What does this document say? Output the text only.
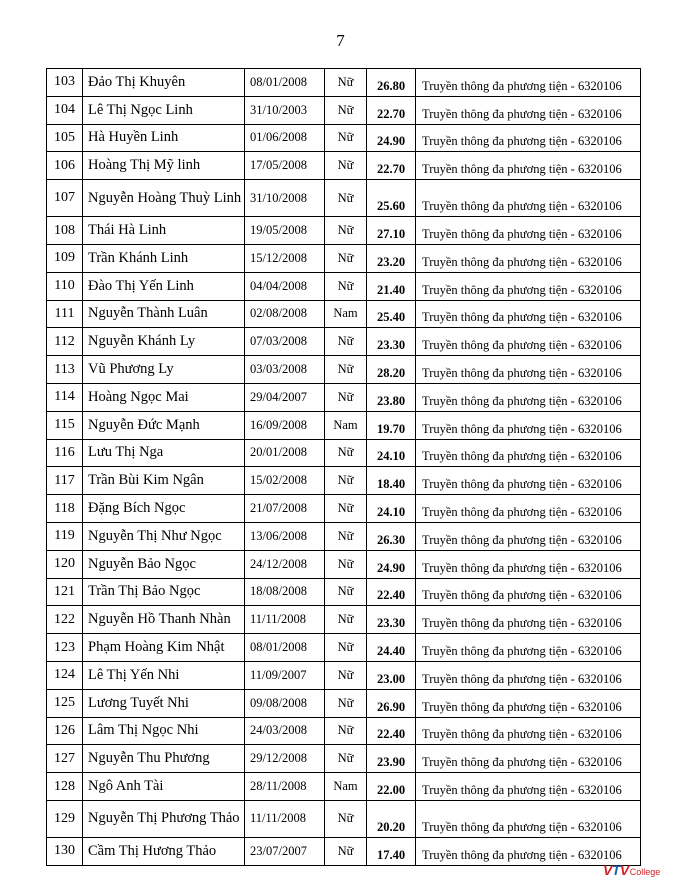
7
103	Đảo Thị Khuyên	08/01/2008	Nữ	26.80	Truyền thông đa phương tiện - 6320106	
104	Lê Thị Ngọc Linh	31/10/2003	Nữ	22.70	Truyền thông đa phương tiện - 6320106	
105	Hà Huyền Linh	01/06/2008	Nữ	24.90	Truyền thông đa phương tiện - 6320106	
106	Hoàng Thị Mỹ linh	17/05/2008	Nữ	22.70	Truyền thông đa phương tiện - 6320106	
107	Nguyễn Hoàng Thuỳ Linh	31/10/2008	Nữ	25.60	Truyền thông đa phương tiện - 6320106	
108	Thái Hà Linh	19/05/2008	Nữ	27.10	Truyền thông đa phương tiện - 6320106	
109	Trần Khánh Linh	15/12/2008	Nữ	23.20	Truyền thông đa phương tiện - 6320106	
110	Đào Thị Yến Linh	04/04/2008	Nữ	21.40	Truyền thông đa phương tiện - 6320106	
111	Nguyễn Thành Luân	02/08/2008	Nam	25.40	Truyền thông đa phương tiện - 6320106	
112	Nguyễn Khánh Ly	07/03/2008	Nữ	23.30	Truyền thông đa phương tiện - 6320106	
113	Vũ Phương Ly	03/03/2008	Nữ	28.20	Truyền thông đa phương tiện - 6320106	
114	Hoàng Ngọc Mai	29/04/2007	Nữ	23.80	Truyền thông đa phương tiện - 6320106	
115	Nguyễn Đức Mạnh	16/09/2008	Nam	19.70	Truyền thông đa phương tiện - 6320106	
116	Lưu Thị Nga	20/01/2008	Nữ	24.10	Truyền thông đa phương tiện - 6320106	
117	Trần Bùi Kim Ngân	15/02/2008	Nữ	18.40	Truyền thông đa phương tiện - 6320106	
118	Đặng Bích Ngọc	21/07/2008	Nữ	24.10	Truyền thông đa phương tiện - 6320106	
119	Nguyễn Thị Như Ngọc	13/06/2008	Nữ	26.30	Truyền thông đa phương tiện - 6320106	
120	Nguyễn Bảo Ngọc	24/12/2008	Nữ	24.90	Truyền thông đa phương tiện - 6320106	
121	Trần Thị Bảo Ngọc	18/08/2008	Nữ	22.40	Truyền thông đa phương tiện - 6320106	
122	Nguyễn Hồ Thanh Nhàn	11/11/2008	Nữ	23.30	Truyền thông đa phương tiện - 6320106	
123	Phạm Hoàng Kim Nhật	08/01/2008	Nữ	24.40	Truyền thông đa phương tiện - 6320106	
124	Lê Thị Yến Nhi	11/09/2007	Nữ	23.00	Truyền thông đa phương tiện - 6320106	
125	Lương Tuyết Nhi	09/08/2008	Nữ	26.90	Truyền thông đa phương tiện - 6320106	
126	Lâm Thị Ngọc Nhi	24/03/2008	Nữ	22.40	Truyền thông đa phương tiện - 6320106	
127	Nguyễn Thu Phương	29/12/2008	Nữ	23.90	Truyền thông đa phương tiện - 6320106	
128	Ngô Anh Tài	28/11/2008	Nam	22.00	Truyền thông đa phương tiện - 6320106	
129	Nguyễn Thị Phương Thảo	11/11/2008	Nữ	20.20	Truyền thông đa phương tiện - 6320106	
130	Cầm Thị Hương Thảo	23/07/2007	Nữ	17.40	Truyền thông đa phương tiện - 6320106	
VTV College
